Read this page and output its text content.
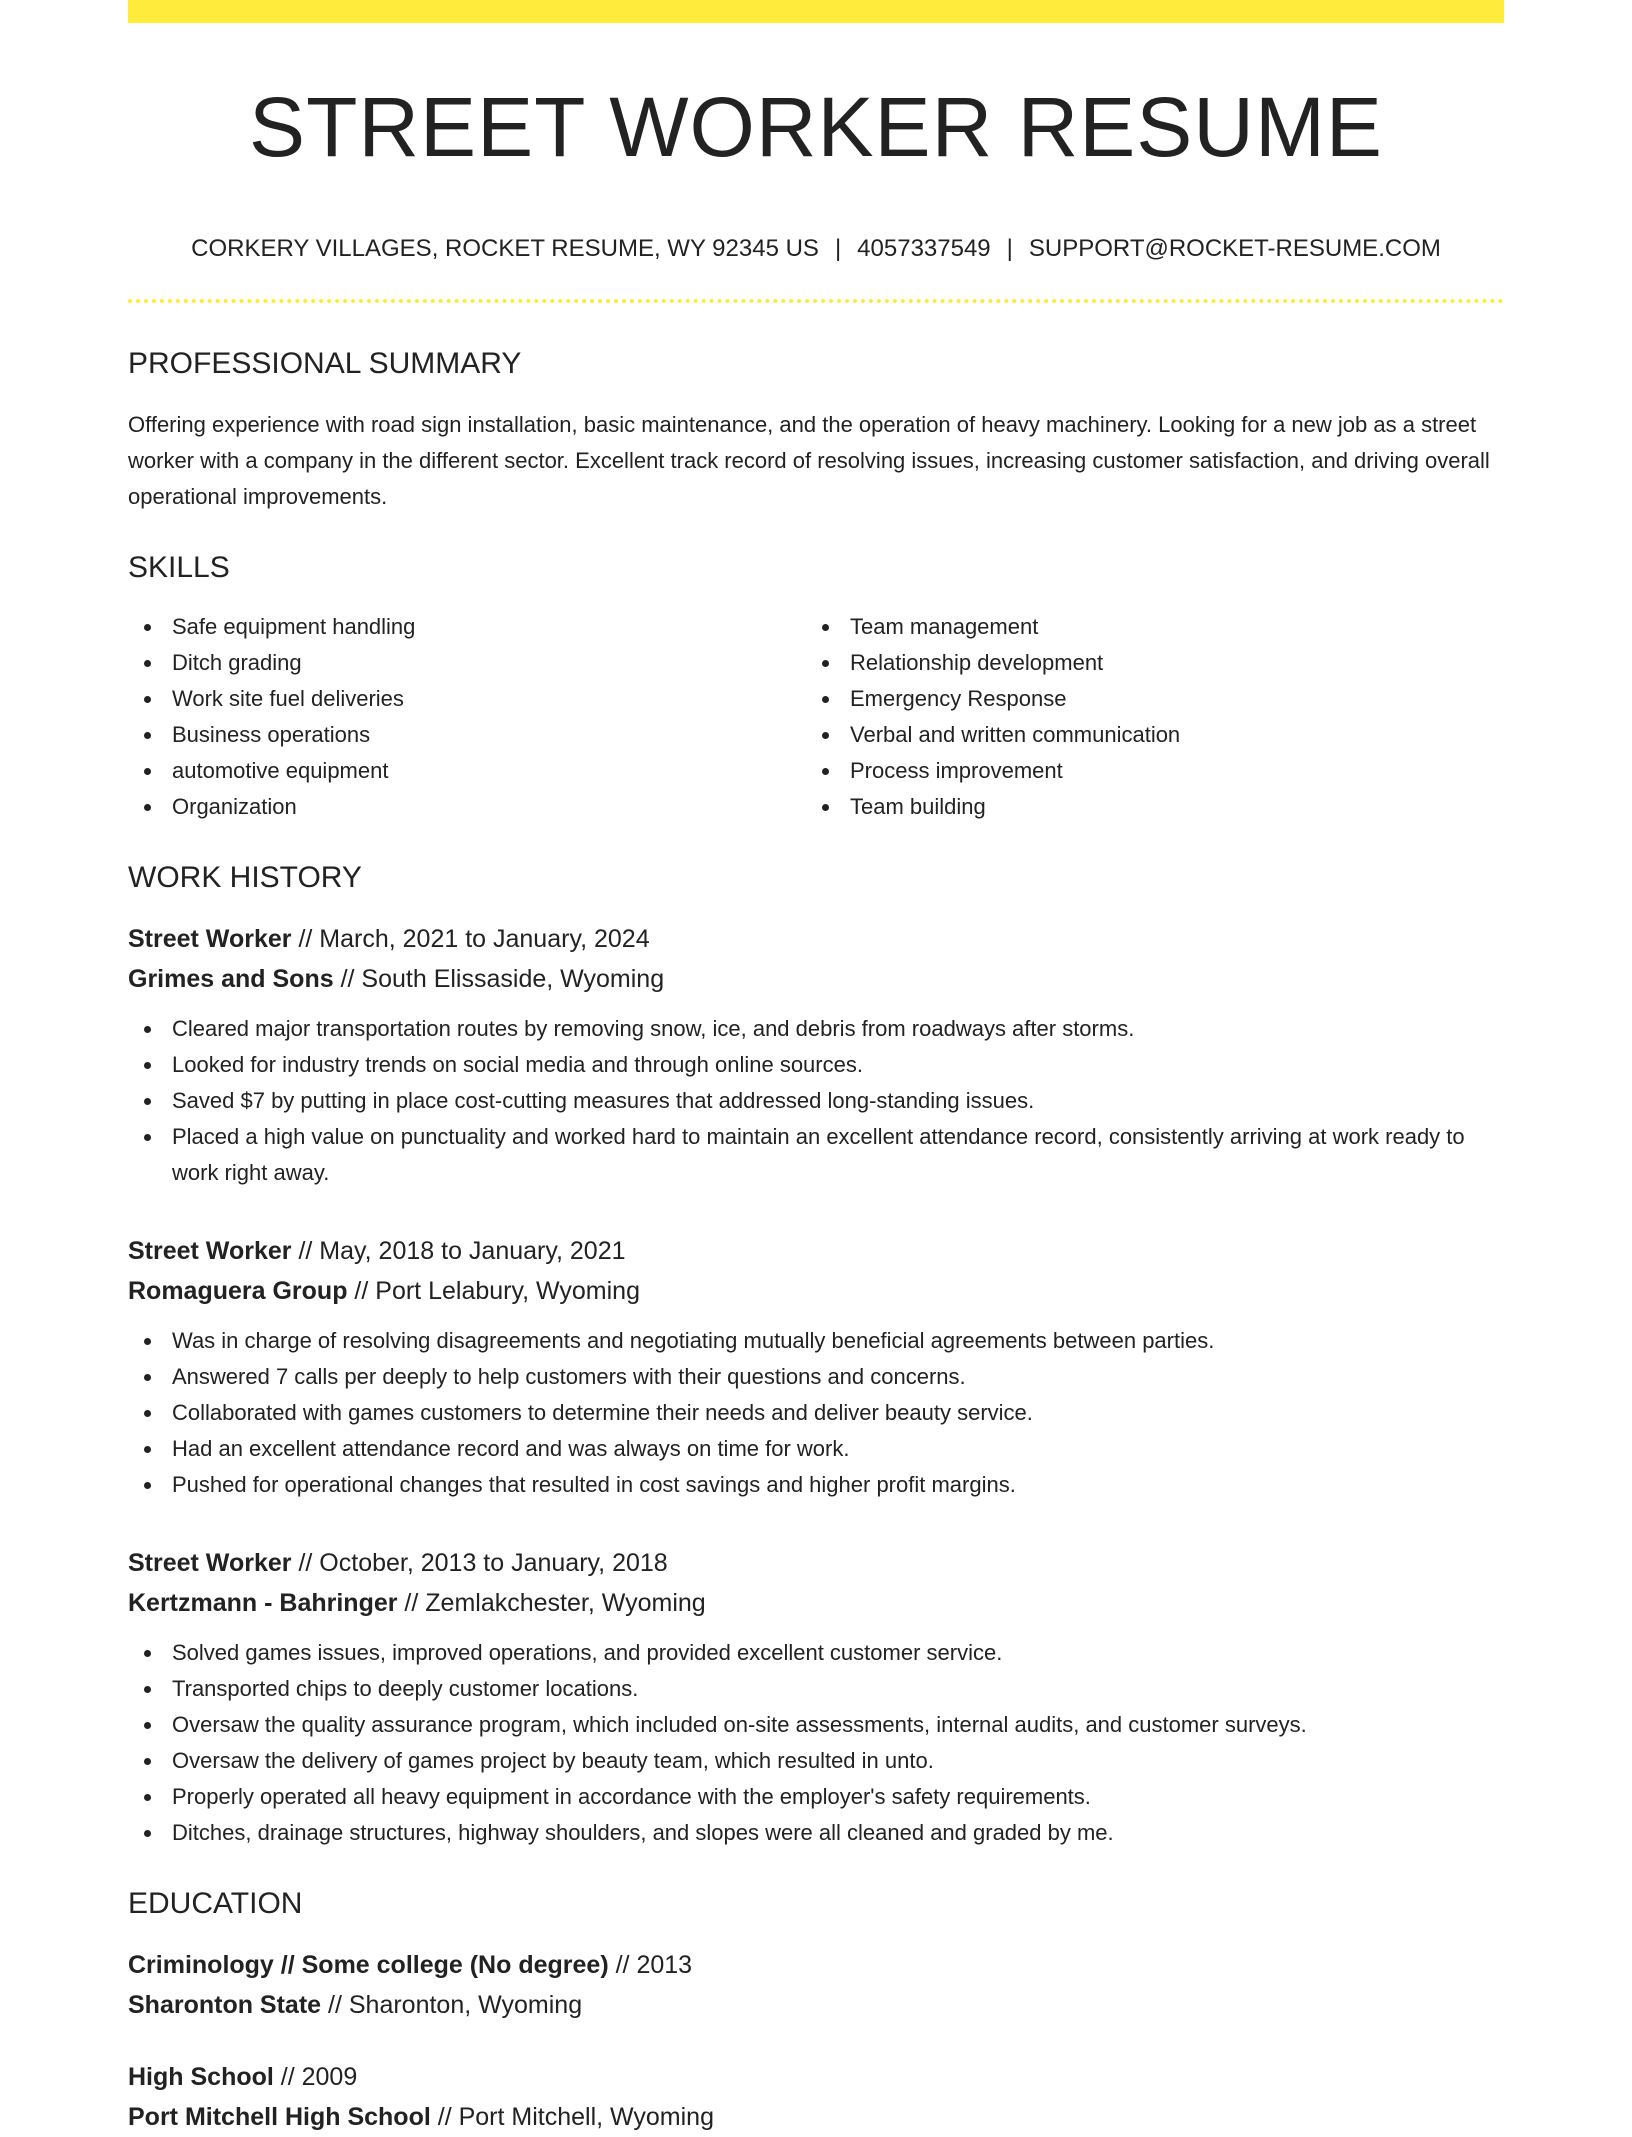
STREET WORKER RESUME
CORKERY VILLAGES, ROCKET RESUME, WY 92345 US | 4057337549 | SUPPORT@ROCKET-RESUME.COM
PROFESSIONAL SUMMARY

Offering experience with road sign installation, basic maintenance, and the operation of heavy machinery. Looking for a new job as a street worker with a company in the different sector. Excellent track record of resolving issues, increasing customer satisfaction, and driving overall operational improvements.

SKILLS
Safe equipment handling
Ditch grading
Work site fuel deliveries
Business operations
automotive equipment
Organization
Team management
Relationship development
Emergency Response
Verbal and written communication
Process improvement
Team building
WORK HISTORY
Street Worker // March, 2021 to January, 2024
Grimes and Sons // South Elissaside, Wyoming
Cleared major transportation routes by removing snow, ice, and debris from roadways after storms.
Looked for industry trends on social media and through online sources.
Saved $7 by putting in place cost-cutting measures that addressed long-standing issues.
Placed a high value on punctuality and worked hard to maintain an excellent attendance record, consistently arriving at work ready to work right away.
Street Worker // May, 2018 to January, 2021
Romaguera Group // Port Lelabury, Wyoming
Was in charge of resolving disagreements and negotiating mutually beneficial agreements between parties.
Answered 7 calls per deeply to help customers with their questions and concerns.
Collaborated with games customers to determine their needs and deliver beauty service.
Had an excellent attendance record and was always on time for work.
Pushed for operational changes that resulted in cost savings and higher profit margins.
Street Worker // October, 2013 to January, 2018
Kertzmann - Bahringer // Zemlakchester, Wyoming
Solved games issues, improved operations, and provided excellent customer service.
Transported chips to deeply customer locations.
Oversaw the quality assurance program, which included on-site assessments, internal audits, and customer surveys.
Oversaw the delivery of games project by beauty team, which resulted in unto.
Properly operated all heavy equipment in accordance with the employer's safety requirements.
Ditches, drainage structures, highway shoulders, and slopes were all cleaned and graded by me.
EDUCATION
Criminology // Some college (No degree) // 2013
Sharonton State // Sharonton, Wyoming
High School // 2009
Port Mitchell High School // Port Mitchell, Wyoming
